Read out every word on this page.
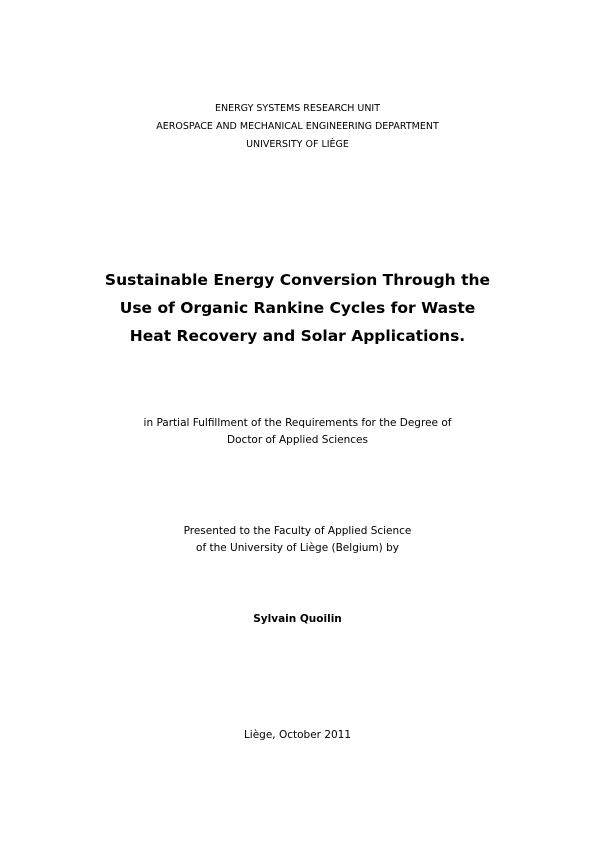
ENERGY SYSTEMS RESEARCH UNIT
AEROSPACE AND MECHANICAL ENGINEERING DEPARTMENT
UNIVERSITY OF LIÈGE
Sustainable Energy Conversion Through the
Use of Organic Rankine Cycles for Waste
Heat Recovery and Solar Applications.
in Partial Fulfillment of the Requirements for the Degree of
Doctor of Applied Sciences
Presented to the Faculty of Applied Science
of the University of Liège (Belgium) by
Sylvain Quoilin
Liège, October 2011
